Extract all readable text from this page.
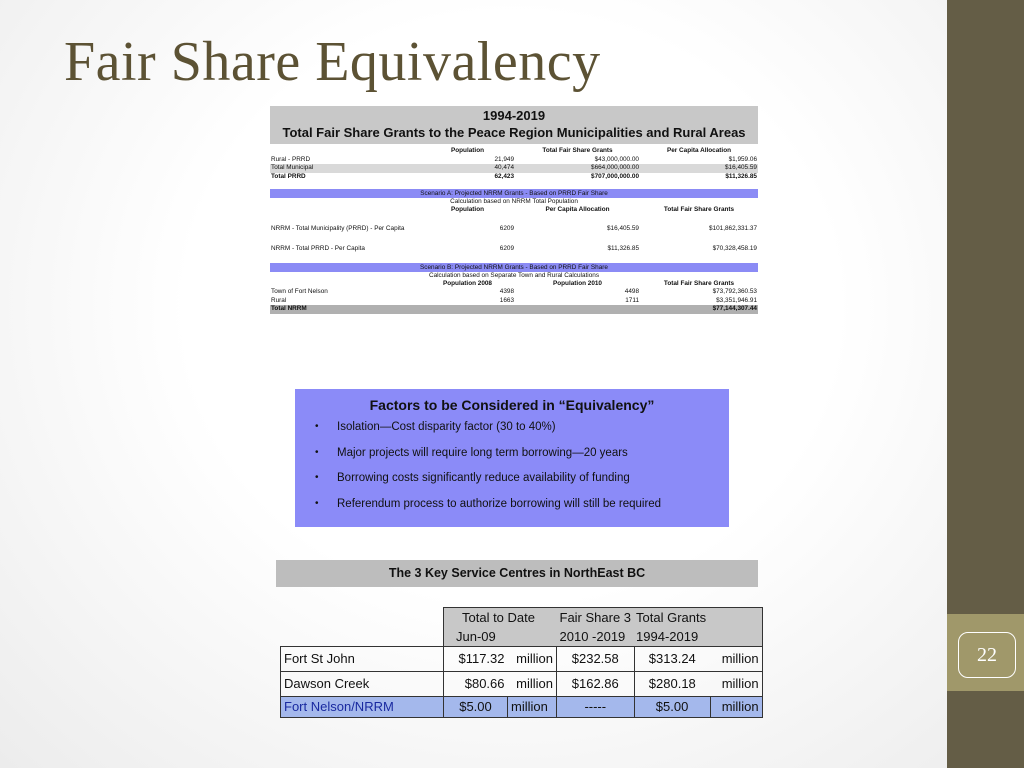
22
Fair Share Equivalency
1994-2019
Total Fair Share Grants to the Peace Region Municipalities and Rural Areas
	Population	Total Fair Share Grants	Per Capita Allocation
Rural - PRRD	21,949	$43,000,000.00	$1,959.06
Total Municipal	40,474	$664,000,000.00	$16,405.59
Total PRRD	62,423	$707,000,000.00	$11,326.85
Scenario A: Projected NRRM Grants - Based on PRRD Fair Share
Calculation based on NRRM Total Population
	Population	Per Capita Allocation	Total Fair Share Grants

NRRM - Total Municipality (PRRD) - Per Capita	6209	$16,405.59	$101,862,331.37

NRRM - Total PRRD - Per Capita	6209	$11,326.85	$70,328,458.19
Scenario B: Projected NRRM Grants - Based on PRRD Fair Share
Calculation based on Separate Town and Rural Calculations
	Population 2008	Population 2010	Total Fair Share Grants
Town of Fort Nelson	4398	4498	$73,792,360.53
Rural	1663	1711	$3,351,946.91
Total NRRM			$77,144,307.44
Factors to be Considered in “Equivalency”
• Isolation—Cost disparity factor (30 to 40%)
• Major projects will require long term borrowing—20 years
• Borrowing costs significantly reduce availability of funding
• Referendum process to authorize borrowing will still be required
The 3 Key Service Centres in NorthEast BC
	Total to Date		Fair Share 3	Total Grants	
	Jun-09		2010 -2019	1994-2019	
Fort St John	$117.32	million	$232.58	$313.24	million
Dawson Creek	$80.66	million	$162.86	$280.18	million
Fort Nelson/NRRM	$5.00	million	-----	$5.00	million
